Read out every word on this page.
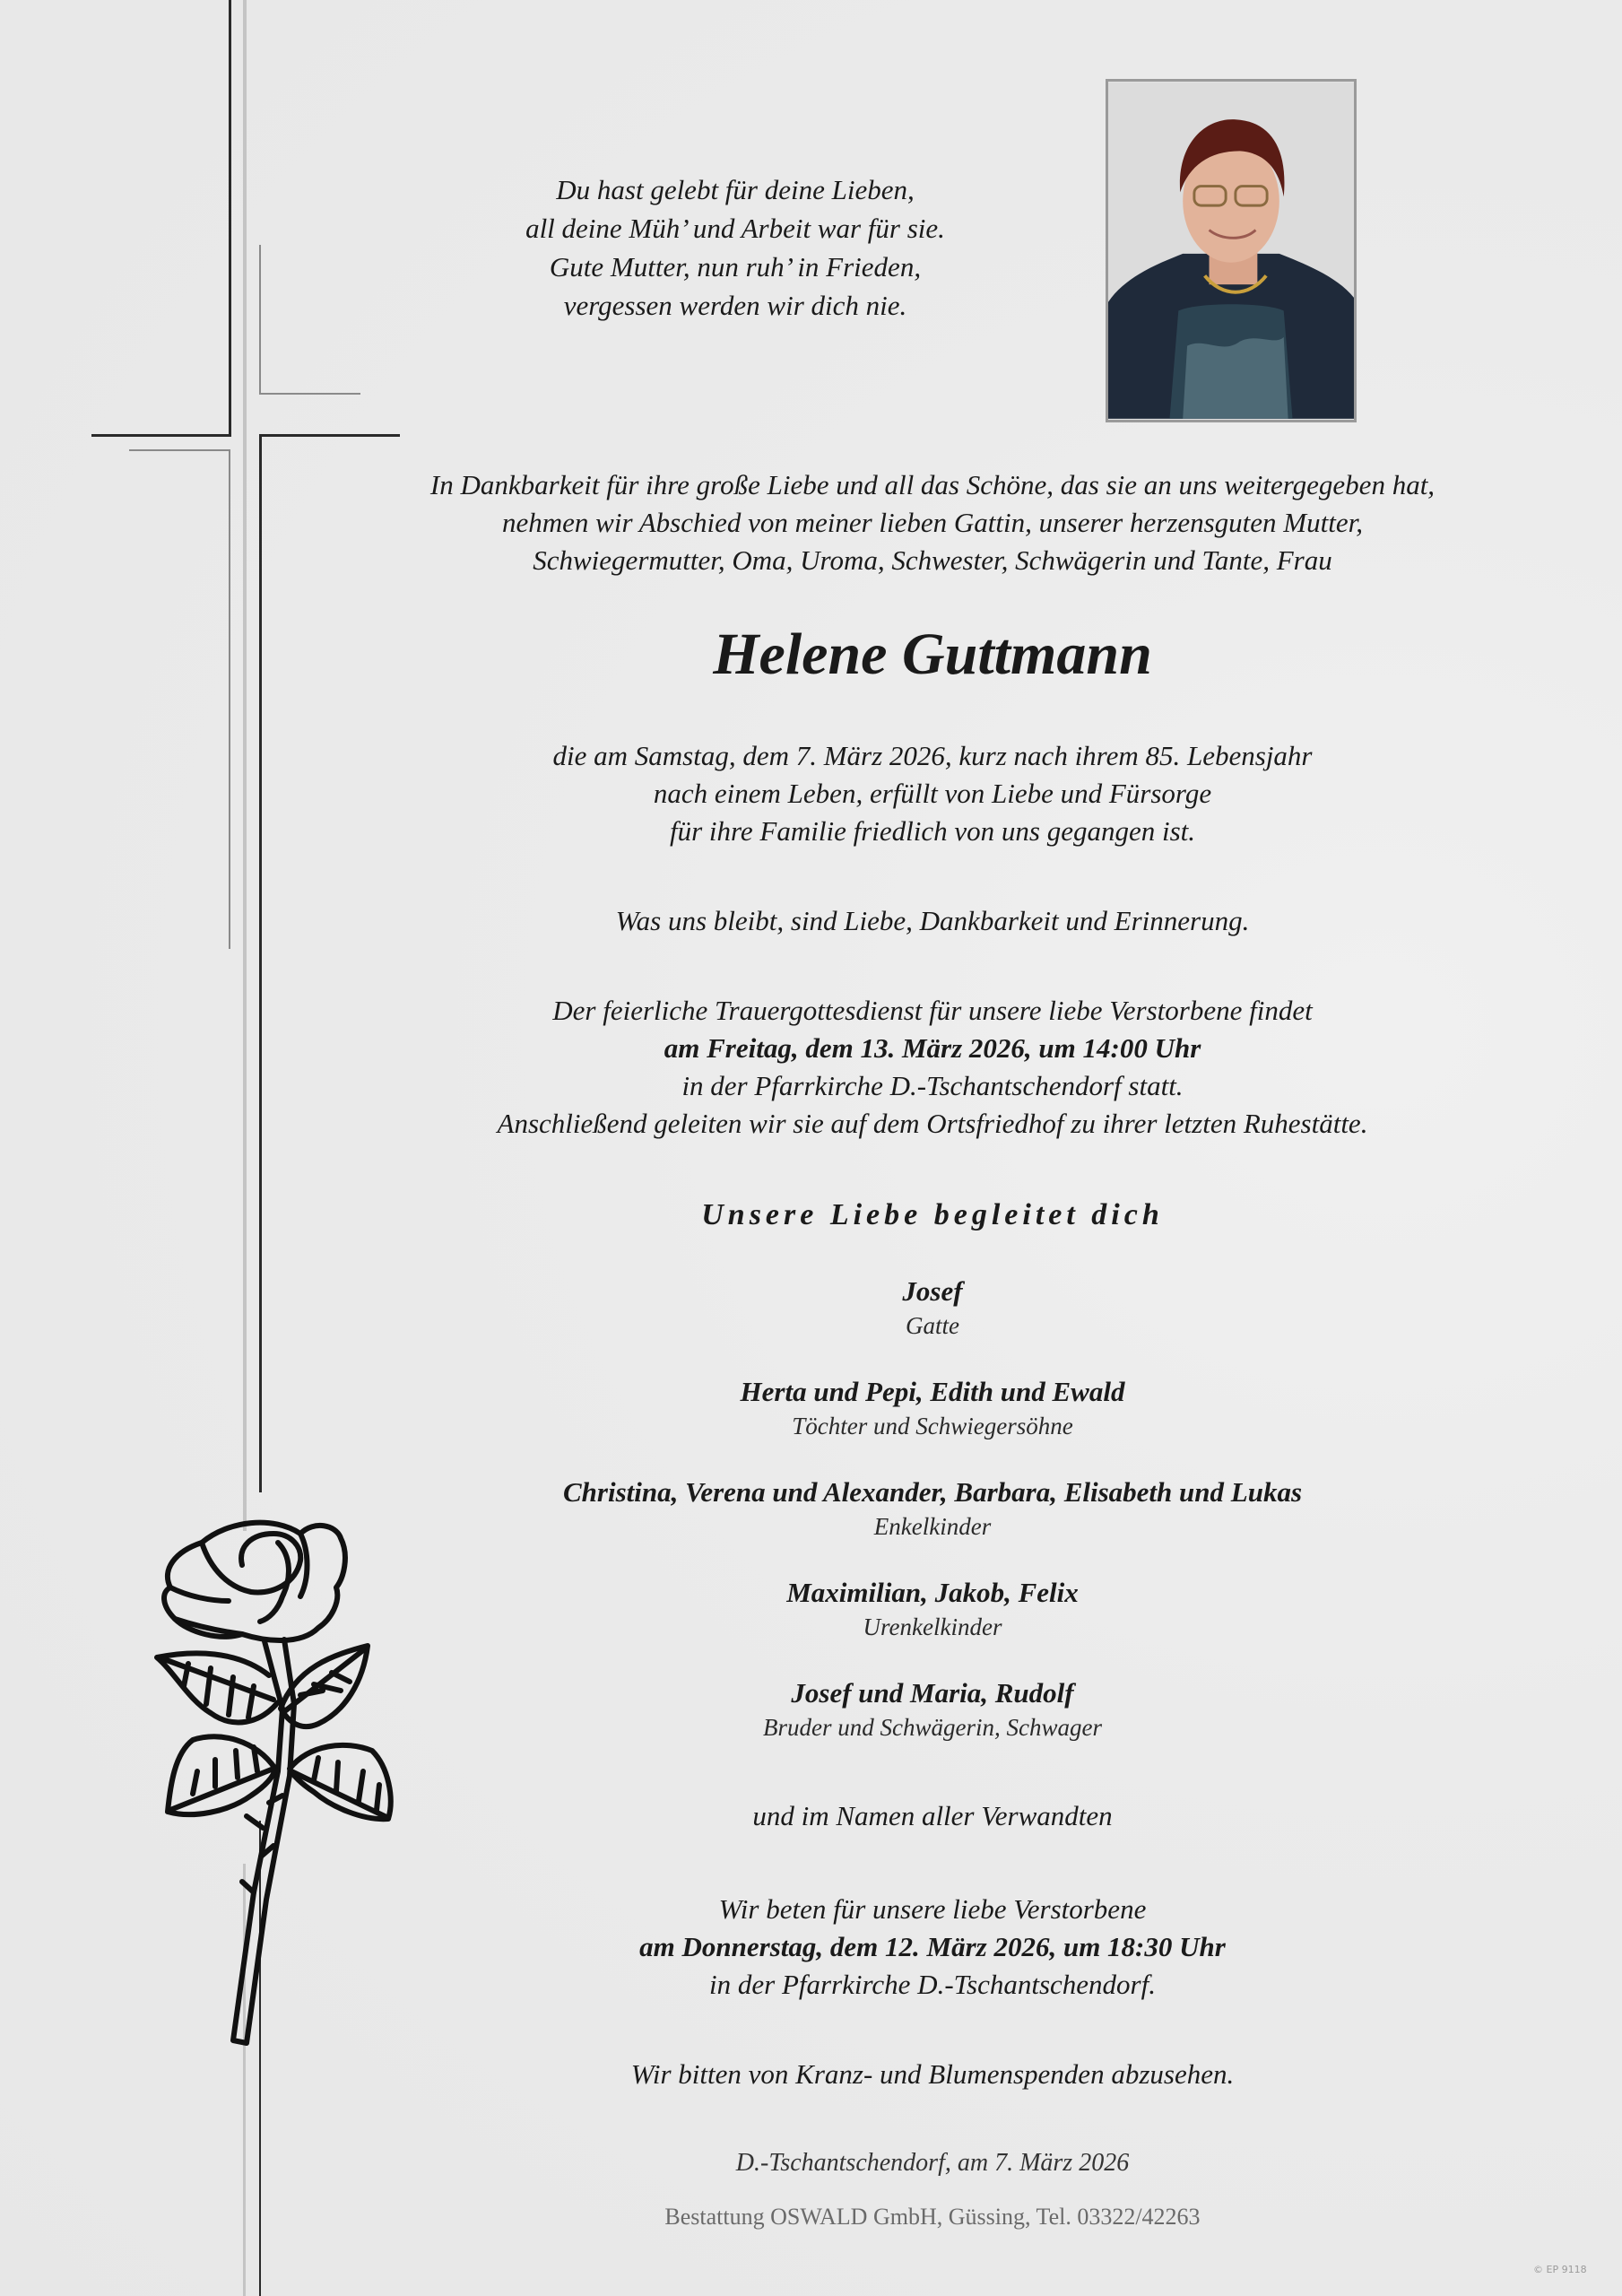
Du hast gelebt für deine Lieben,

all deine Müh’ und Arbeit war für sie.

Gute Mutter, nun ruh’ in Frieden,

vergessen werden wir dich nie.

In Dankbarkeit für ihre große Liebe und all das Schöne, das sie an uns weitergegeben hat,

nehmen wir Abschied von meiner lieben Gattin, unserer herzensguten Mutter,

Schwiegermutter, Oma, Uroma, Schwester, Schwägerin und Tante, Frau

Helene Guttmann

die am Samstag, dem 7. März 2026, kurz nach ihrem 85. Lebensjahr

nach einem Leben, erfüllt von Liebe und Fürsorge

für ihre Familie friedlich von uns gegangen ist.

Was uns bleibt, sind Liebe, Dankbarkeit und Erinnerung.

Der feierliche Trauergottesdienst für unsere liebe Verstorbene findet

am Freitag, dem 13. März 2026, um 14:00 Uhr

in der Pfarrkirche D.-Tschantschendorf statt.

Anschließend geleiten wir sie auf dem Ortsfriedhof zu ihrer letzten Ruhestätte.

Unsere Liebe begleitet dich
Josef
Gatte
Herta und Pepi, Edith und Ewald
Töchter und Schwiegersöhne
Christina, Verena und Alexander, Barbara, Elisabeth und Lukas
Enkelkinder
Maximilian, Jakob, Felix
Urenkelkinder
Josef und Maria, Rudolf
Bruder und Schwägerin, Schwager
und im Namen aller Verwandten

Wir beten für unsere liebe Verstorbene

am Donnerstag, dem 12. März 2026, um 18:30 Uhr

in der Pfarrkirche D.-Tschantschendorf.

Wir bitten von Kranz- und Blumenspenden abzusehen.
D.-Tschantschendorf, am 7. März 2026
Bestattung OSWALD GmbH, Güssing, Tel. 03322/42263
© EP 9118
